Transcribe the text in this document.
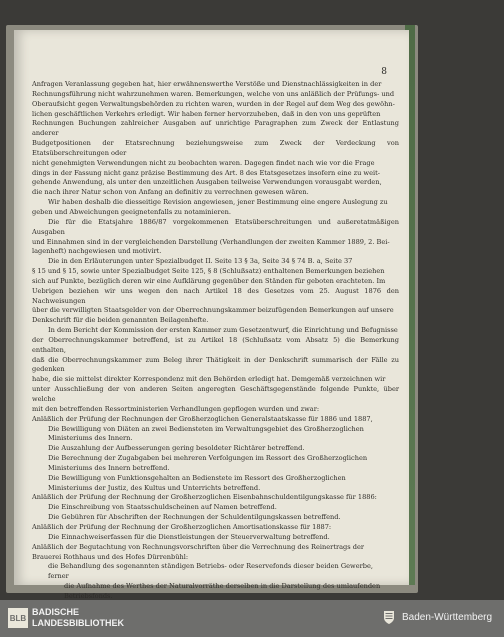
8

Anfragen Veranlassung gegeben hat, hier erwähnenswerthe Verstöße und Dienstnachlässigkeiten in der

Rechnungsführung nicht wahrzunehmen waren. Bemerkungen, welche von uns anläßlich der Prüfungs- und

Oberaufsicht gegen Verwaltungsbehörden zu richten waren, wurden in der Regel auf dem Weg des gewöhn-

lichen geschäftlichen Verkehrs erledigt. Wir haben ferner hervorzuheben, daß in den von uns geprüften

Rechnungen Buchungen zahlreicher Ausgaben auf unrichtige Paragraphen zum Zweck der Entlastung anderer

Budgetpositionen der Etatsrechnung beziehungsweise zum Zweck der Verdeckung von Etatsüberschreitungen oder

nicht genehmigten Verwendungen nicht zu beobachten waren. Dagegen findet nach wie vor die Frage

dings in der Fassung nicht ganz präzise Bestimmung des Art. 8 des Etatsgesetzes insofern eine zu weit-

gehende Anwendung, als unter den unzeitlichen Ausgaben teilweise Verwendungen vorausgabt werden,

die nach ihrer Natur schon von Anfang an definitiv zu verrechnen gewesen wären.

Wir haben deshalb die diesseitige Revision angewiesen, jener Bestimmung eine engere Auslegung zu

geben und Abweichungen geeignetenfalls zu notaminieren.

Die für die Etatsjahre 1886/87 vorgekommenen Etatsüberschreitungen und außeretatmäßigen Ausgaben

und Einnahmen sind in der vergleichenden Darstellung (Verhandlungen der zweiten Kammer 1889, 2. Bei-

lagenheft) nachgewiesen und motivirt.

Die in den Erläuterungen unter Spezialbudget II. Seite 13 § 3a, Seite 34 § 74 B. a, Seite 37

§ 15 und § 15, sowie unter Spezialbudget Seite 125, § 8 (Schlußsatz) enthaltenen Bemerkungen beziehen

sich auf Punkte, bezüglich deren wir eine Aufklärung gegenüber den Ständen für geboten erachteten. Im

Uebrigen beziehen wir uns wegen den nach Artikel 18 des Gesetzes vom 25. August 1876 den Nachweisungen

über die verwilligten Staatsgelder von der Oberrechnungskammer beizufügenden Bemerkungen auf unsere

Denkschrift für die beiden genannten Beilagenhefte.

In dem Bericht der Kommission der ersten Kammer zum Gesetzentwurf, die Einrichtung und Befugnisse

der Oberrechnungskammer betreffend, ist zu Artikel 18 (Schlußsatz vom Absatz 5) die Bemerkung enthalten,

daß die Oberrechnungskammer zum Beleg ihrer Thätigkeit in der Denkschrift summarisch der Fälle zu gedenken

habe, die sie mittelst direkter Korrespondenz mit den Behörden erledigt hat. Demgemäß verzeichnen wir

unter Ausschließung der von anderen Seiten angeregten Geschäftsgegenstände folgende Punkte, über welche

mit den betreffenden Ressortministerien Verhandlungen gepflogen wurden und zwar:

Anläßlich der Prüfung der Rechnungen der Großherzoglichen Generalstaatskasse für 1886 und 1887,

Die Bewilligung von Diäten an zwei Bediensteten im Verwaltungsgebiet des Großherzoglichen

Ministeriums des Innern.

Die Auszahlung der Aufbesserungen gering besoldeter Richtärer betreffend.

Die Berechnung der Zugabgaben bei mehreren Verfolgungen im Ressort des Großherzoglichen

Ministeriums des Innern betreffend.

Die Bewilligung von Funktionsgehalten an Bedienstete im Ressort des Großherzoglichen

Ministeriums der Justiz, des Kultus und Unterrichts betreffend.

Anläßlich der Prüfung der Rechnung der Großherzoglichen Eisenbahnschuldentilgungskasse für 1886:

Die Einschreibung von Staatsschuldscheinen auf Namen betreffend.

Die Gebühren für Abschriften der Rechnungen der Schuldentilgungskassen betreffend.

Anläßlich der Prüfung der Rechnung der Großherzoglichen Amortisationskasse für 1887:

Die Einnachweiserfassen für die Dienstleistungen der Steuerverwaltung betreffend.

Anläßlich der Begutachtung von Rechnungsvorschriften über die Verrechnung des Reinertrags der

Brauerei Rothhaus und des Hofes Dürrenbühl:

die Behandlung des sogenannten ständigen Betriebs- oder Reservefonds dieser beiden Gewerbe,

ferner

die Aufnahme des Werthes der Naturalvorräthe derselben in die Darstellung des umlaufenden

Betriebsfonds.

BLB
BADISCHE
LANDESBIBLIOTHEK	Baden-Württemberg
